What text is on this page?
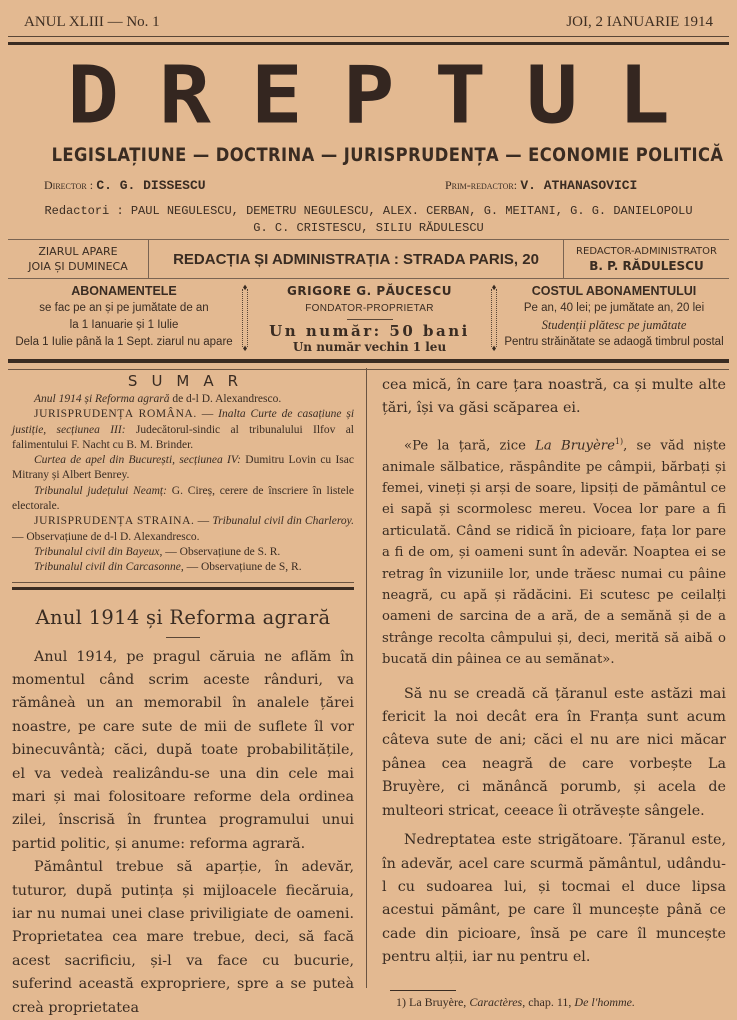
ANUL XLIII — No. 1	JOI, 2 IANUARIE 1914
DREPTUL
LEGISLAȚIUNE — DOCTRINA — JURISPRUDENȚA — ECONOMIE POLITICĂ
Director : C. G. DISSESCU	Prim-redactor: V. ATHANASOVICI
Redactori : PAUL NEGULESCU, DEMETRU NEGULESCU, ALEX. CERBAN, G. MEITANI, G. G. DANIELOPOLU
G. C. CRISTESCU, SILIU RĂDULESCU
ZIARUL APARE
JOIA ȘI DUMINECA	REDACȚIA ȘI ADMINISTRAȚIA : STRADA PARIS, 20	REDACTOR-ADMINISTRATOR
B. P. RĂDULESCU
ABONAMENTELE
se fac pe an și pe jumătate de an
la 1 Ianuarie și 1 Iulie
Dela 1 Iulie până la 1 Sept. ziarul nu apare
♦
♦
GRIGORE G. PĂUCESCU
FONDATOR-PROPRIETAR
Un număr: 50 bani
Un număr vechin 1 leu
♦
♦
COSTUL ABONAMENTULUI
Pe an, 40 lei; pe jumătate an, 20 lei
Studenții plătesc pe jumătate
Pentru străinătate se adaogă timbrul postal
SUMAR

Anul 1914 și Reforma agrară de d-l D. Alexandresco.

JURISPRUDENȚA ROMÂNA. — Inalta Curte de casațiune și justiție, secțiunea III: Judecătorul-sindic al tribunalului Ilfov al falimentului F. Nacht cu B. M. Brinder.

Curtea de apel din București, secțiunea IV: Dumitru Lovin cu Isac Mitrany și Albert Benrey.

Tribunalul județului Neamț: G. Cireș, cerere de înscriere în listele electorale.

JURISPRUDENȚA STRAINA. — Tribunalul civil din Charleroy. — Observațiune de d-l D. Alexandresco.

Tribunalul civil din Bayeux, — Observațiune de S. R.

Tribunalul civil din Carcasonne, — Observațiune de S, R.

Anul 1914 și Reforma agrară

Anul 1914, pe pragul căruia ne aflăm în momentul când scrim aceste rânduri, va rămâneà un an memorabil în analele țărei noastre, pe care sute de mii de suflete îl vor binecuvântà; căci, după toate probabilitățile, el va vedeà realizându-se una din cele mai mari și mai folositoare reforme dela ordinea zilei, înscrisă în fruntea programului unui partid politic, și anume: reforma agrară.

Pământul trebue să aparție, în adevăr, tuturor, după putința și mijloacele fiecăruia, iar nu numai unei clase priviligiate de oameni. Proprietatea cea mare trebue, deci, să facă acest sacrificiu, și-l va face cu bucurie, suferind această expropriere, spre a se puteà creà proprietatea

cea mică, în care țara noastră, ca și multe alte țări, își va găsi scăparea ei.

«Pe la țară, zice La Bruyère$^{1)}$, se văd niște animale sălbatice, răspândite pe câmpii, bărbați și femei, vineți și arși de soare, lipsiți de pământul ce ei sapă și scormolesc mereu. Vocea lor pare a fi articulată. Când se ridică în picioare, fața lor pare a fi de om, și oameni sunt în adevăr. Noaptea ei se retrag în vizuniile lor, unde trăesc numai cu pâine neagră, cu apă și rădăcini. Ei scutesc pe ceilalți oameni de sarcina de a ară, de a semănă și de a strânge recolta câmpului și, deci, merită să aibă o bucată din pâinea ce au semănat».

Să nu se creadă că țăranul este astăzi mai fericit la noi decât era în Franța sunt acum câteva sute de ani; căci el nu are nici măcar pânea cea neagră de care vorbește La Bruyère, ci mănâncă porumb, și acela de multeori stricat, ceeace îi otrăvește sângele.

Nedreptatea este strigătoare. Țăranul este, în adevăr, acel care scurmă pământul, udându-l cu sudoarea lui, și tocmai el duce lipsa acestui pământ, pe care îl muncește până ce cade din picioare, însă pe care îl muncește pentru alții, iar nu pentru el.

1) La Bruyère, Caractères, chap. 11, De l'homme.
